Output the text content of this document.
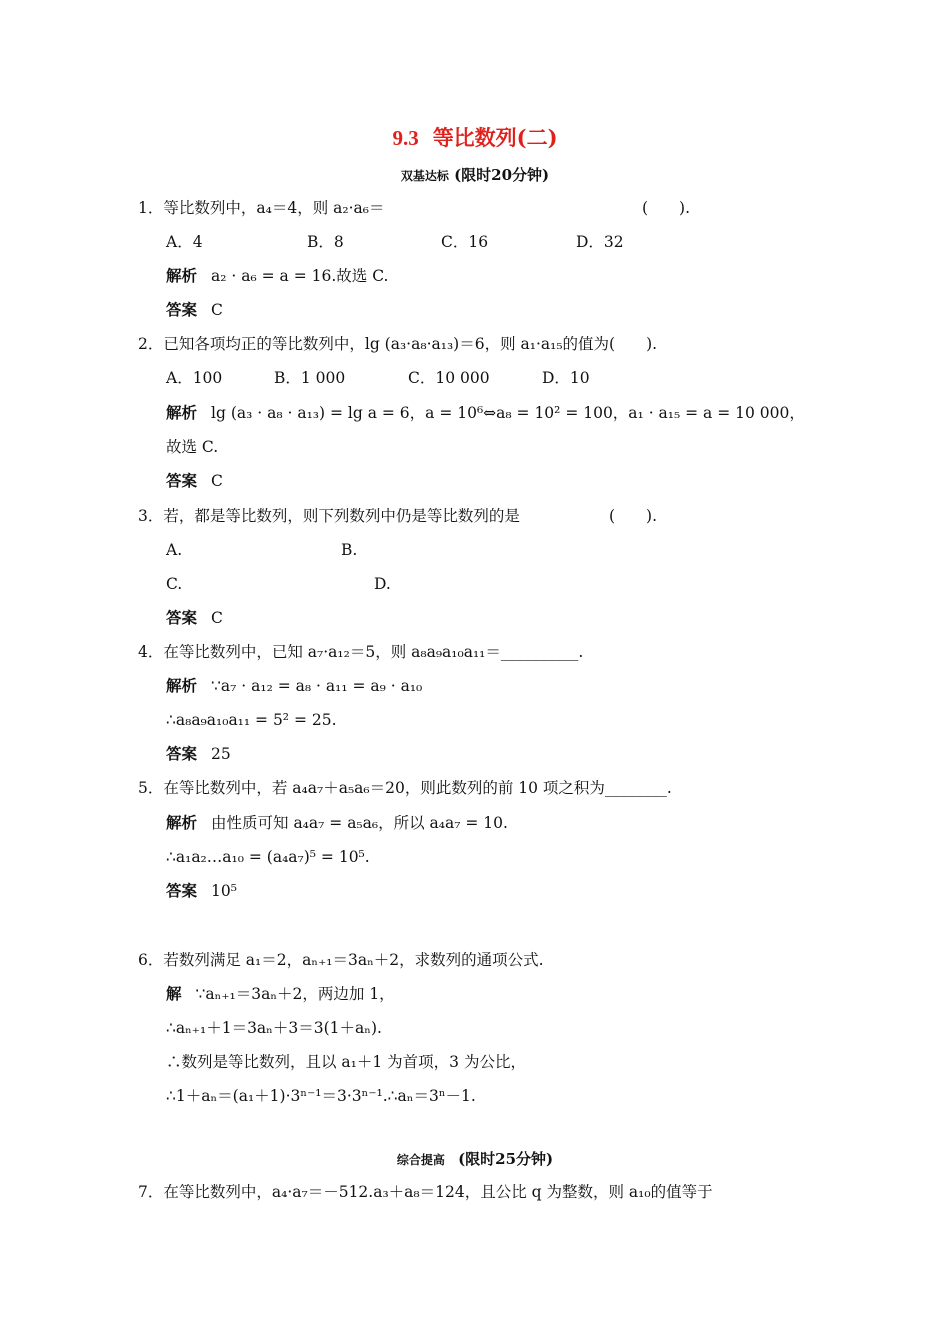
9.3 等比数列(二)
双基达标 (限时20分钟)
1．等比数列中，a₄＝4，则 a₂·a₆＝	(　　).
A．4	B．8	C．16	D．32
解析 a₂ · a₆ = a = 16.故选 C.
答案 C
2．已知各项均正的等比数列中，lg (a₃·a₈·a₁₃)＝6，则 a₁·a₁₅的值为(　　).
A．100	B．1 000	C．10 000	D．10
解析 lg (a₃ · a₈ · a₁₃) = lg a = 6，a = 10⁶⇔a₈ = 10² = 100，a₁ · a₁₅ = a = 10 000，
故选 C.
答案 C
3．若，都是等比数列，则下列数列中仍是等比数列的是	(　　).
A.	B.
C.	D.
答案 C
4．在等比数列中，已知 a₇·a₁₂＝5，则 a₈a₉a₁₀a₁₁＝__________.
解析 ∵a₇ · a₁₂ = a₈ · a₁₁ = a₉ · a₁₀
∴a₈a₉a₁₀a₁₁ = 5² = 25.
答案 25
5．在等比数列中，若 a₄a₇＋a₅a₆＝20，则此数列的前 10 项之积为________.
解析 由性质可知 a₄a₇ = a₅a₆，所以 a₄a₇ = 10.
∴a₁a₂…a₁₀ = (a₄a₇)⁵ = 10⁵.
答案 10⁵
6．若数列满足 a₁＝2，aₙ₊₁＝3aₙ＋2，求数列的通项公式.
解 ∵aₙ₊₁＝3aₙ＋2，两边加 1，
∴aₙ₊₁＋1＝3aₙ＋3＝3(1＋aₙ).
∴数列是等比数列，且以 a₁＋1 为首项，3 为公比，
∴1＋aₙ＝(a₁＋1)·3ⁿ⁻¹＝3·3ⁿ⁻¹.∴aₙ＝3ⁿ－1.
综合提高 (限时25分钟)
7．在等比数列中，a₄·a₇＝－512.a₃＋a₈＝124，且公比 q 为整数，则 a₁₀的值等于
